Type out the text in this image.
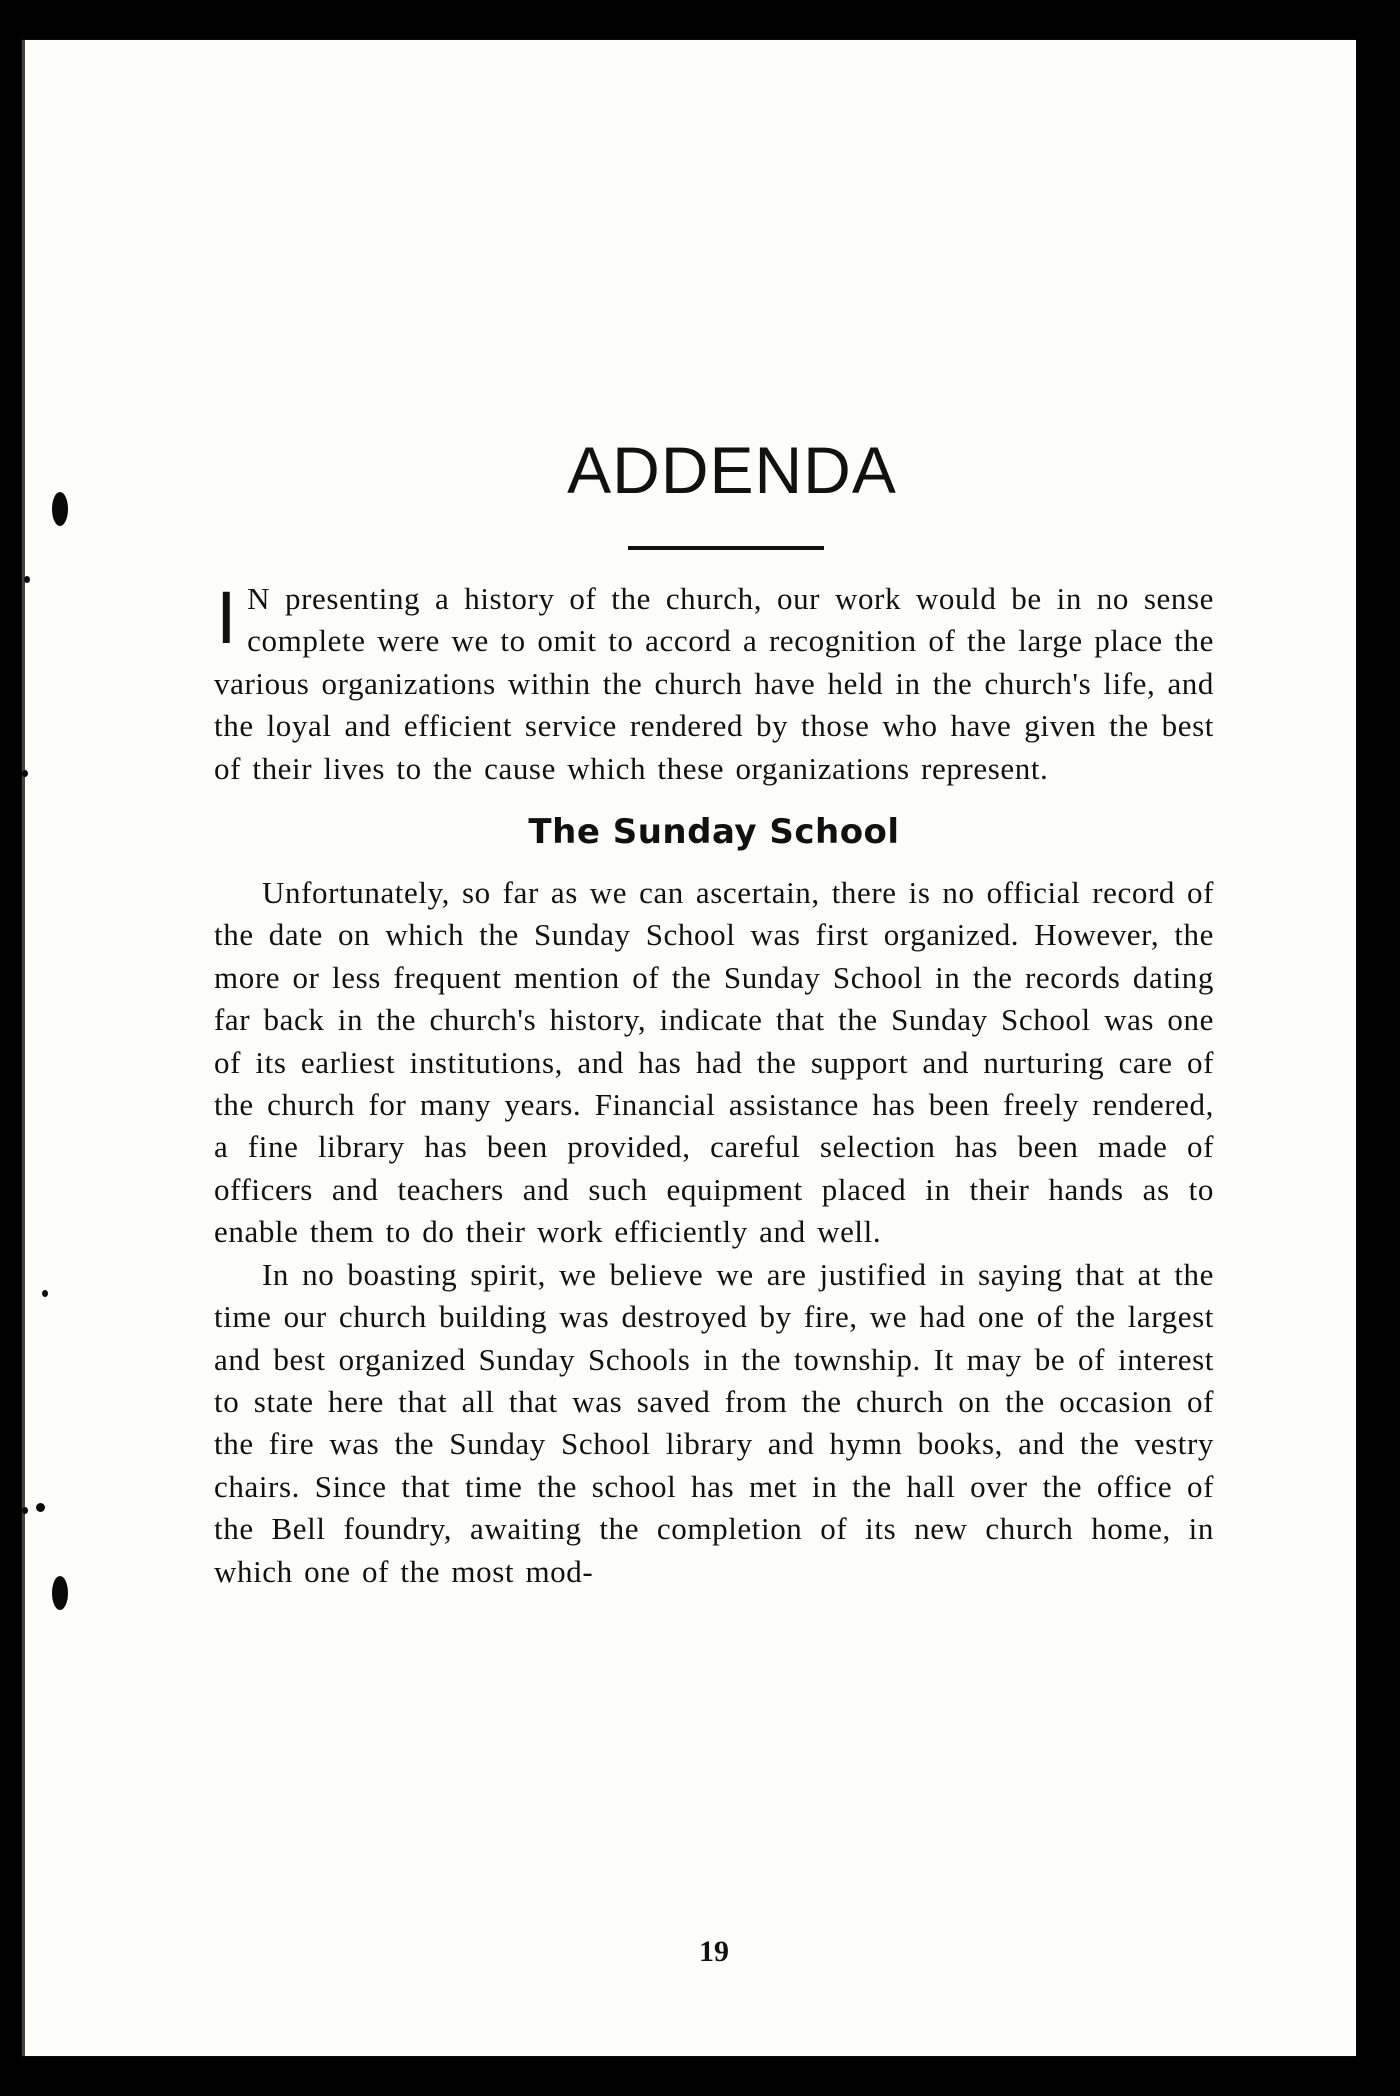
ADDENDA

I N presenting a history of the church, our work would be in no sense complete were we to omit to accord a recognition of the large place the various organizations within the church have held in the church's life, and the loyal and efficient service rendered by those who have given the best of their lives to the cause which these organizations represent.

The Sunday School

Unfortunately, so far as we can ascertain, there is no official record of the date on which the Sunday School was first organized. However, the more or less frequent mention of the Sunday School in the records dating far back in the church's history, indicate that the Sunday School was one of its earliest institutions, and has had the support and nurturing care of the church for many years. Financial assistance has been freely rendered, a fine library has been provided, careful selection has been made of officers and teachers and such equipment placed in their hands as to enable them to do their work efficiently and well.

In no boasting spirit, we believe we are justified in saying that at the time our church building was destroyed by fire, we had one of the largest and best organized Sunday Schools in the township. It may be of interest to state here that all that was saved from the church on the occasion of the fire was the Sunday School library and hymn books, and the vestry chairs. Since that time the school has met in the hall over the office of the Bell foundry, awaiting the completion of its new church home, in which one of the most mod-

19
